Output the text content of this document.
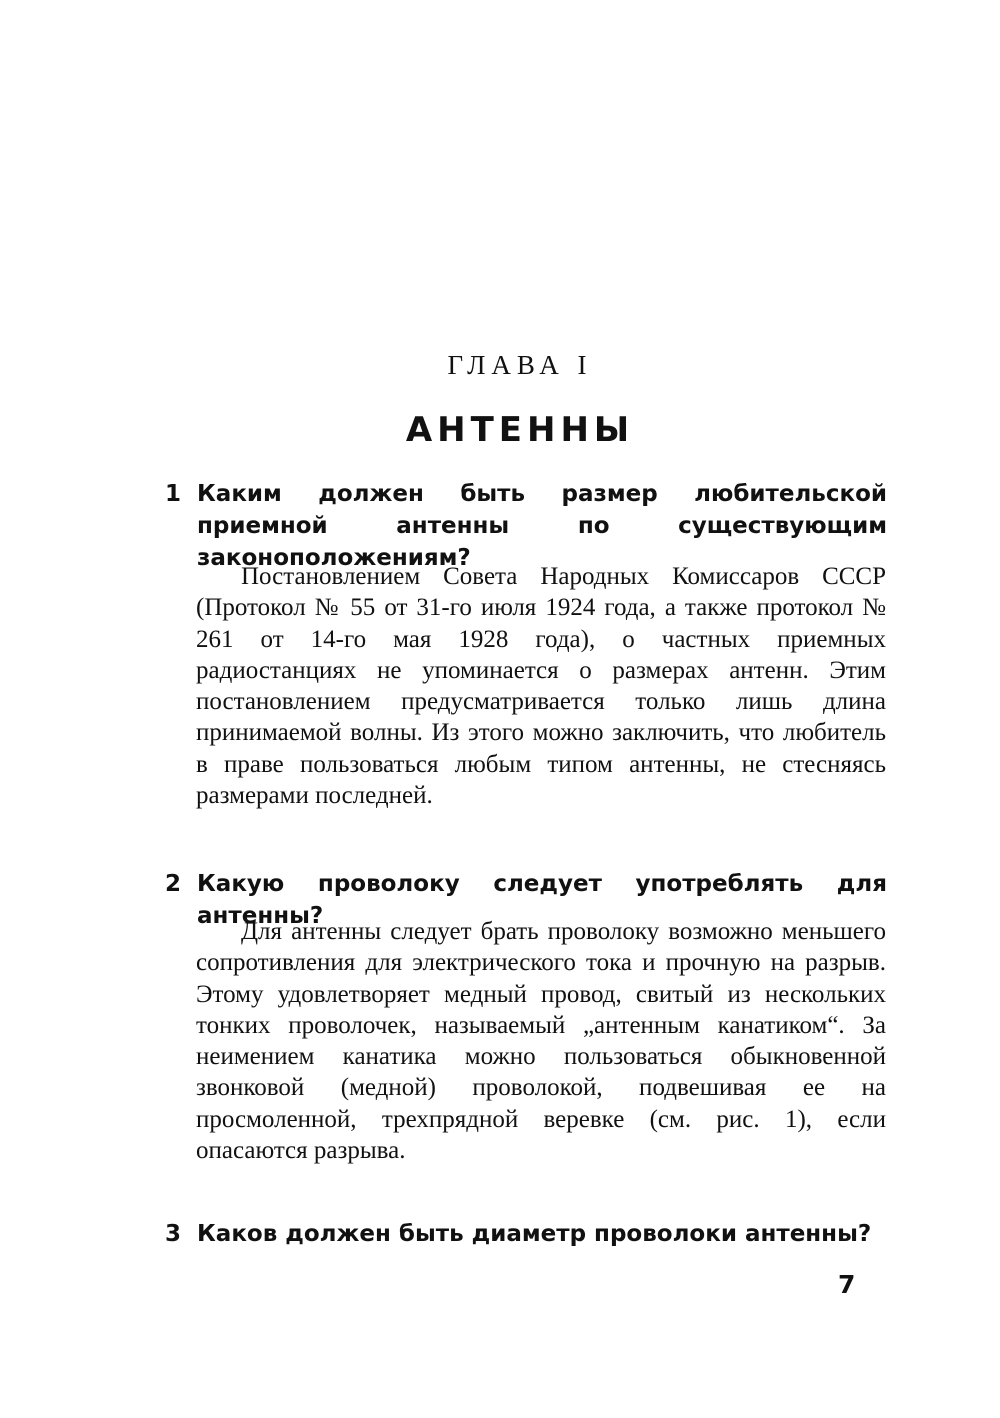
ГЛАВА I
АНТЕННЫ
1 Каким должен быть размер любительской приемной антенны по существующим законоположениям?

Постановлением Совета Народных Комиссаров СССР (Протокол № 55 от 31-го июля 1924 года, а также протокол № 261 от 14-го мая 1928 года), о частных приемных радиостанциях не упоминается о размерах антенн. Этим постановлением предусматривается только лишь длина принимаемой волны. Из этого можно заключить, что любитель в праве пользоваться любым типом антенны, не стесняясь размерами последней.

2 Какую проволоку следует употреблять для антенны?

Для антенны следует брать проволоку возможно меньшего сопротивления для электрического тока и прочную на разрыв. Этому удовлетворяет медный провод, свитый из нескольких тонких проволочек, называемый „антенным канатиком“. За неимением канатика можно пользоваться обыкновенной звонковой (медной) проволокой, подвешивая ее на просмоленной, трехпрядной веревке (см. рис. 1), если опасаются разрыва.

3 Каков должен быть диаметр проволоки антенны?

7
